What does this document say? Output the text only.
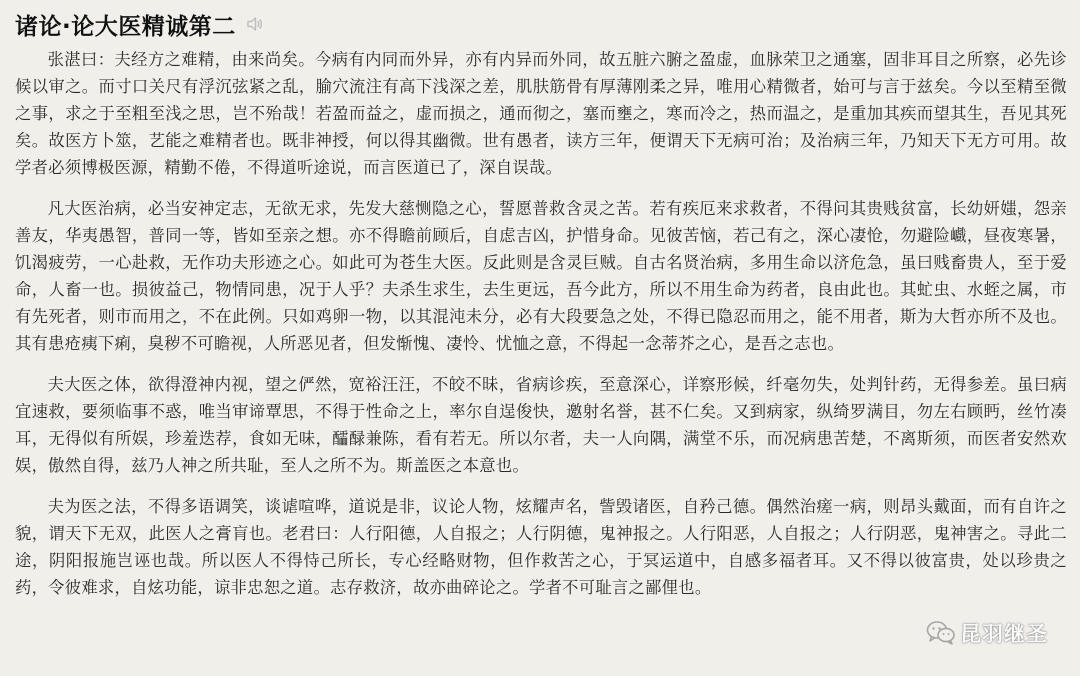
诸论·论大医精诚第二

张湛曰：夫经方之难精，由来尚矣。今病有内同而外异，亦有内异而外同，故五脏六腑之盈虚，血脉荣卫之通塞，固非耳目之所察，必先诊候以审之。而寸口关尺有浮沉弦紧之乱，腧穴流注有高下浅深之差，肌肤筋骨有厚薄刚柔之异，唯用心精微者，始可与言于兹矣。今以至精至微之事，求之于至粗至浅之思，岂不殆哉！若盈而益之，虚而损之，通而彻之，塞而壅之，寒而冷之，热而温之，是重加其疾而望其生，吾见其死矣。故医方卜筮，艺能之难精者也。既非神授，何以得其幽微。世有愚者，读方三年，便谓天下无病可治；及治病三年，乃知天下无方可用。故学者必须博极医源，精勤不倦，不得道听途说，而言医道已了，深自误哉。

凡大医治病，必当安神定志，无欲无求，先发大慈恻隐之心，誓愿普救含灵之苦。若有疾厄来求救者，不得问其贵贱贫富，长幼妍媸，怨亲善友，华夷愚智，普同一等，皆如至亲之想。亦不得瞻前顾后，自虑吉凶，护惜身命。见彼苦恼，若己有之，深心凄怆，勿避险巇，昼夜寒暑，饥渴疲劳，一心赴救，无作功夫形迹之心。如此可为苍生大医。反此则是含灵巨贼。自古名贤治病，多用生命以济危急，虽曰贱畜贵人，至于爱命，人畜一也。损彼益己，物情同患，况于人乎？夫杀生求生，去生更远，吾今此方，所以不用生命为药者，良由此也。其虻虫、水蛭之属，市有先死者，则市而用之，不在此例。只如鸡卵一物，以其混沌未分，必有大段要急之处，不得已隐忍而用之，能不用者，斯为大哲亦所不及也。其有患疮痍下痢，臭秽不可瞻视，人所恶见者，但发惭愧、凄怜、忧恤之意，不得起一念蒂芥之心，是吾之志也。

夫大医之体，欲得澄神内视，望之俨然，宽裕汪汪，不皎不昧，省病诊疾，至意深心，详察形候，纤毫勿失，处判针药，无得参差。虽曰病宜速救，要须临事不惑，唯当审谛覃思，不得于性命之上，率尔自逞俊快，邀射名誉，甚不仁矣。又到病家，纵绮罗满目，勿左右顾眄，丝竹凑耳，无得似有所娱，珍羞迭荐，食如无味，醽醁兼陈，看有若无。所以尔者，夫一人向隅，满堂不乐，而况病患苦楚，不离斯须，而医者安然欢娱，傲然自得，兹乃人神之所共耻，至人之所不为。斯盖医之本意也。

夫为医之法，不得多语调笑，谈谑喧哗，道说是非，议论人物，炫耀声名，訾毁诸医，自矜己德。偶然治瘥一病，则昂头戴面，而有自许之貌，谓天下无双，此医人之膏肓也。老君曰：人行阳德，人自报之；人行阴德，鬼神报之。人行阳恶，人自报之；人行阴恶，鬼神害之。寻此二途，阴阳报施岂诬也哉。所以医人不得恃己所长，专心经略财物，但作救苦之心，于冥运道中，自感多福者耳。又不得以彼富贵，处以珍贵之药，令彼难求，自炫功能，谅非忠恕之道。志存救济，故亦曲碎论之。学者不可耻言之鄙俚也。

昆羽继圣
